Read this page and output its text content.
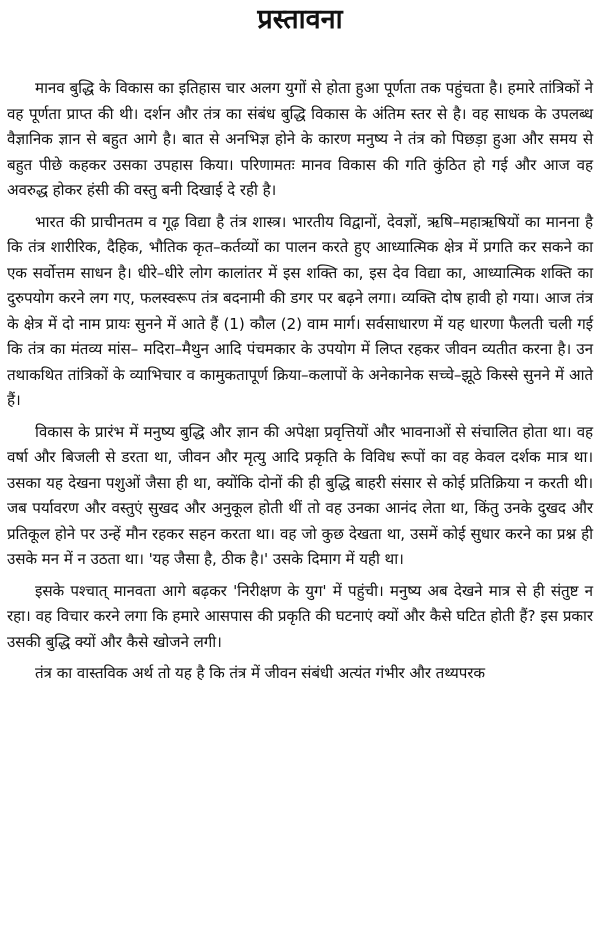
प्रस्तावना

मानव बुद्धि के विकास का इतिहास चार अलग युगों से होता हुआ पूर्णता तक पहुंचता है। हमारे तांत्रिकों ने वह पूर्णता प्राप्त की थी। दर्शन और तंत्र का संबंध बुद्धि विकास के अंतिम स्तर से है। वह साधक के उपलब्ध वैज्ञानिक ज्ञान से बहुत आगे है। बात से अनभिज्ञ होने के कारण मनुष्य ने तंत्र को पिछड़ा हुआ और समय से बहुत पीछे कहकर उसका उपहास किया। परिणामतः मानव विकास की गति कुंठित हो गई और आज वह अवरुद्ध होकर हंसी की वस्तु बनी दिखाई दे रही है।

भारत की प्राचीनतम व गूढ़ विद्या है तंत्र शास्त्र। भारतीय विद्वानों, देवज्ञों, ऋषि–महाऋषियों का मानना है कि तंत्र शारीरिक, दैहिक, भौतिक कृत–कर्तव्यों का पालन करते हुए आध्यात्मिक क्षेत्र में प्रगति कर सकने का एक सर्वोत्तम साधन है। धीरे–धीरे लोग कालांतर में इस शक्ति का, इस देव विद्या का, आध्यात्मिक शक्ति का दुरुपयोग करने लग गए, फलस्वरूप तंत्र बदनामी की डगर पर बढ़ने लगा। व्यक्ति दोष हावी हो गया। आज तंत्र के क्षेत्र में दो नाम प्रायः सुनने में आते हैं (1) कौल (2) वाम मार्ग। सर्वसाधारण में यह धारणा फैलती चली गई कि तंत्र का मंतव्य मांस– मदिरा–मैथुन आदि पंचमकार के उपयोग में लिप्त रहकर जीवन व्यतीत करना है। उन तथाकथित तांत्रिकों के व्याभिचार व कामुकतापूर्ण क्रिया–कलापों के अनेकानेक सच्चे–झूठे किस्से सुनने में आते हैं।

विकास के प्रारंभ में मनुष्य बुद्धि और ज्ञान की अपेक्षा प्रवृत्तियों और भावनाओं से संचालित होता था। वह वर्षा और बिजली से डरता था, जीवन और मृत्यु आदि प्रकृति के विविध रूपों का वह केवल दर्शक मात्र था। उसका यह देखना पशुओं जैसा ही था, क्योंकि दोनों की ही बुद्धि बाहरी संसार से कोई प्रतिक्रिया न करती थी। जब पर्यावरण और वस्तुएं सुखद और अनुकूल होती थीं तो वह उनका आनंद लेता था, किंतु उनके दुखद और प्रतिकूल होने पर उन्हें मौन रहकर सहन करता था। वह जो कुछ देखता था, उसमें कोई सुधार करने का प्रश्न ही उसके मन में न उठता था। 'यह जैसा है, ठीक है।' उसके दिमाग में यही था।

इसके पश्चात् मानवता आगे बढ़कर 'निरीक्षण के युग' में पहुंची। मनुष्य अब देखने मात्र से ही संतुष्ट न रहा। वह विचार करने लगा कि हमारे आसपास की प्रकृति की घटनाएं क्यों और कैसे घटित होती हैं? इस प्रकार उसकी बुद्धि क्यों और कैसे खोजने लगी।

तंत्र का वास्तविक अर्थ तो यह है कि तंत्र में जीवन संबंधी अत्यंत गंभीर और तथ्यपरक
